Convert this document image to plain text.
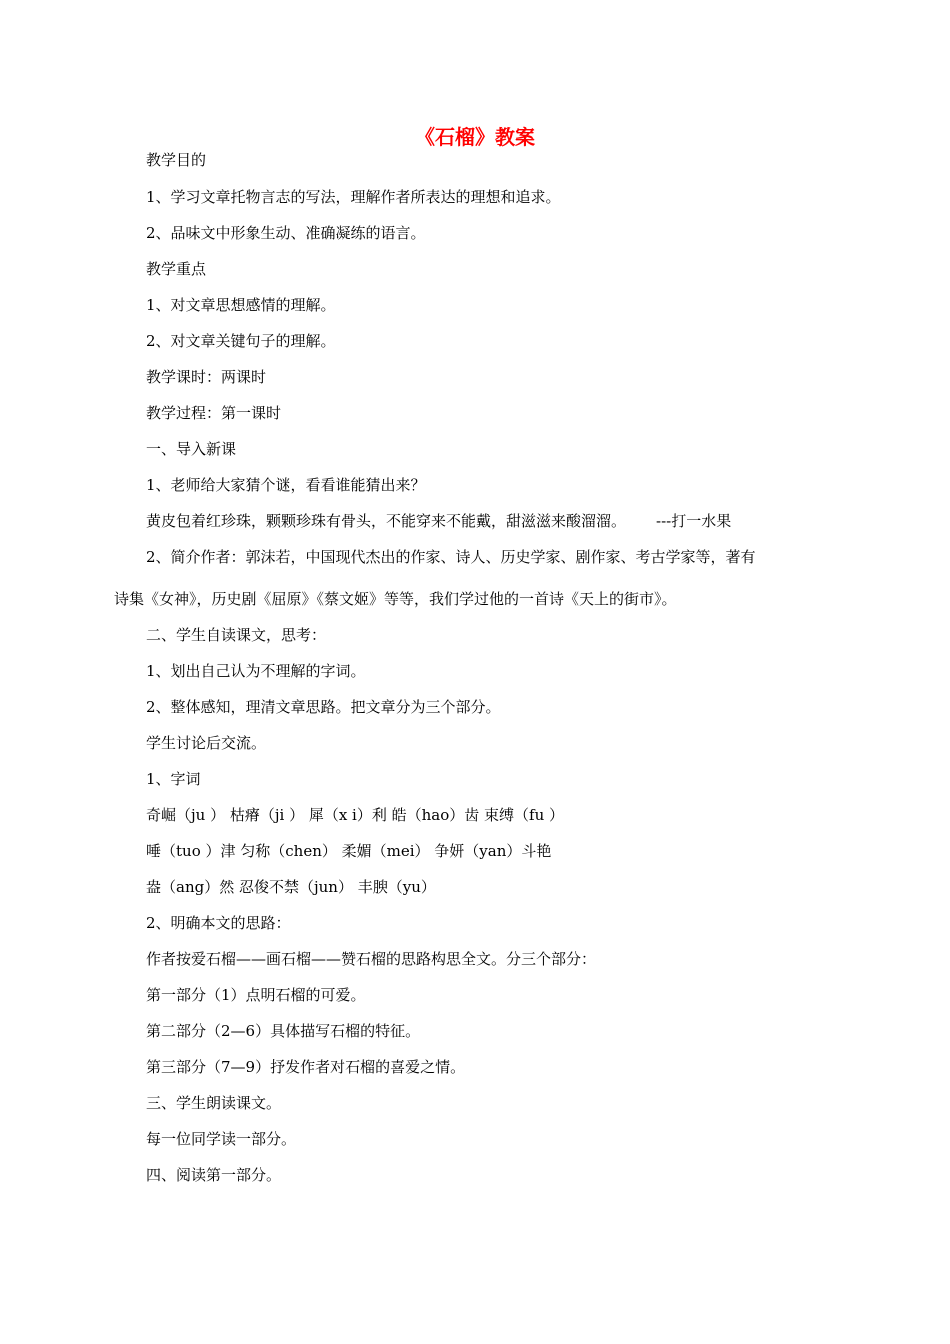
《石榴》教案
教学目的
1、学习文章托物言志的写法，理解作者所表达的理想和追求。
2、品味文中形象生动、准确凝练的语言。
教学重点
1、对文章思想感情的理解。
2、对文章关键句子的理解。
教学课时：两课时
教学过程：第一课时
一、导入新课
1、老师给大家猜个谜，看看谁能猜出来？
黄皮包着红珍珠，颗颗珍珠有骨头，不能穿来不能戴，甜滋滋来酸溜溜。 ---打一水果
2、简介作者：郭沫若，中国现代杰出的作家、诗人、历史学家、剧作家、考古学家等，著有
诗集《女神》，历史剧《屈原》《蔡文姬》等等，我们学过他的一首诗《天上的街市》。
二、学生自读课文，思考：
1、划出自己认为不理解的字词。
2、整体感知，理清文章思路。把文章分为三个部分。
学生讨论后交流。
1、字词
奇崛（ju ） 枯瘠（ji ） 犀（x i）利 皓（hao）齿 束缚（fu ）
唾（tuo ）津 匀称（chen） 柔媚（mei） 争妍（yan）斗艳
盎（ang）然 忍俊不禁（jun） 丰腴（yu）
2、明确本文的思路：
作者按爱石榴——画石榴——赞石榴的思路构思全文。分三个部分：
第一部分（1）点明石榴的可爱。
第二部分（2—6）具体描写石榴的特征。
第三部分（7—9）抒发作者对石榴的喜爱之情。
三、学生朗读课文。
每一位同学读一部分。
四、阅读第一部分。
